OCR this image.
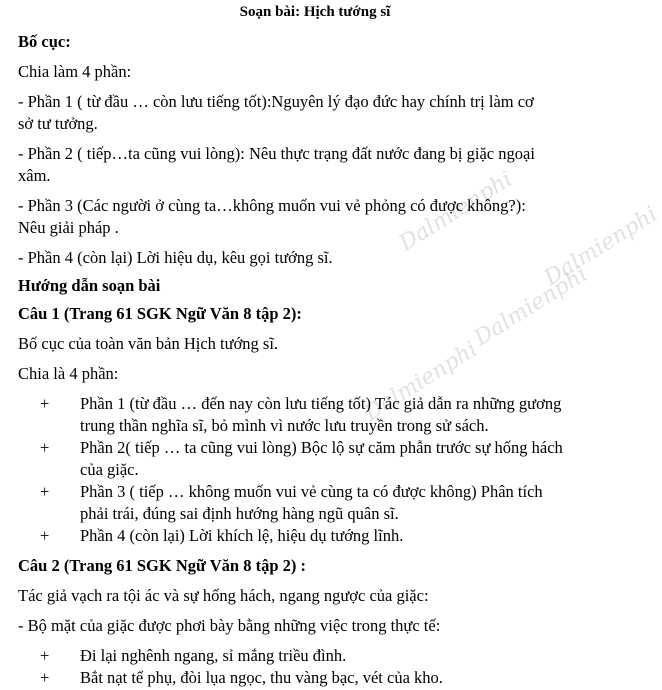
Dalmienphi Dalmienphi
Dalmienphi
Dalmienphi
Soạn bài: Hịch tướng sĩ
Bố cục:
Chia làm 4 phần:
- Phần 1 ( từ đầu … còn lưu tiếng tốt):Nguyên lý đạo đức hay chính trị làm cơ
sở tư tưởng.
- Phần 2 ( tiếp…ta cũng vui lòng): Nêu thực trạng đất nước đang bị giặc ngoại
xâm.
- Phần 3 (Các người ở cùng ta…không muốn vui vẻ phỏng có được không?):
Nêu giải pháp .
- Phần 4 (còn lại) Lời hiệu dụ, kêu gọi tướng sĩ.
Hướng dẫn soạn bài
Câu 1 (Trang 61 SGK Ngữ Văn 8 tập 2):
Bố cục của toàn văn bản Hịch tướng sĩ.
Chia là 4 phần:
+	Phần 1 (từ đầu … đến nay còn lưu tiếng tốt) Tác giả dẫn ra những gương
trung thần nghĩa sĩ, bỏ mình vì nước lưu truyền trong sử sách.
+	Phần 2( tiếp … ta cũng vui lòng) Bộc lộ sự căm phẫn trước sự hống hách
của giặc.
+	Phần 3 ( tiếp … không muốn vui vẻ cùng ta có được không) Phân tích
phải trái, đúng sai định hướng hàng ngũ quân sĩ.
+	Phần 4 (còn lại) Lời khích lệ, hiệu dụ tướng lĩnh.
Câu 2 (Trang 61 SGK Ngữ Văn 8 tập 2) :
Tác giả vạch ra tội ác và sự hống hách, ngang ngược của giặc:
- Bộ mặt của giặc được phơi bày bằng những việc trong thực tế:
+	Đi lại nghênh ngang, sỉ mắng triều đình.
+	Bắt nạt tể phụ, đòi lụa ngọc, thu vàng bạc, vét của kho.
